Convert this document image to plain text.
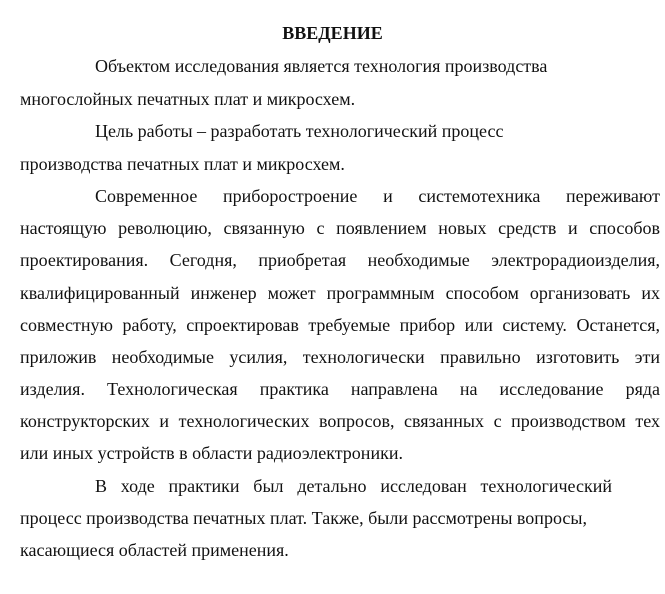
ВВЕДЕНИЕ

Объектом исследования является технология производства

многослойных печатных плат и микросхем.

Цель работы – разработать технологический процесс

производства печатных плат и микросхем.

Современное приборостроение и системотехника переживают

настоящую революцию, связанную с появлением новых средств и способов

проектирования. Сегодня, приобретая необходимые электрорадиоизделия,

квалифицированный инженер может программным способом организовать их

совместную работу, спроектировав требуемые прибор или систему. Останется,

приложив необходимые усилия, технологически правильно изготовить эти

изделия. Технологическая практика направлена на исследование ряда

конструкторских и технологических вопросов, связанных с производством тех

или иных устройств в области радиоэлектроники.

В ходе практики был детально исследован технологический

процесс производства печатных плат. Также, были рассмотрены вопросы,

касающиеся областей применения.
